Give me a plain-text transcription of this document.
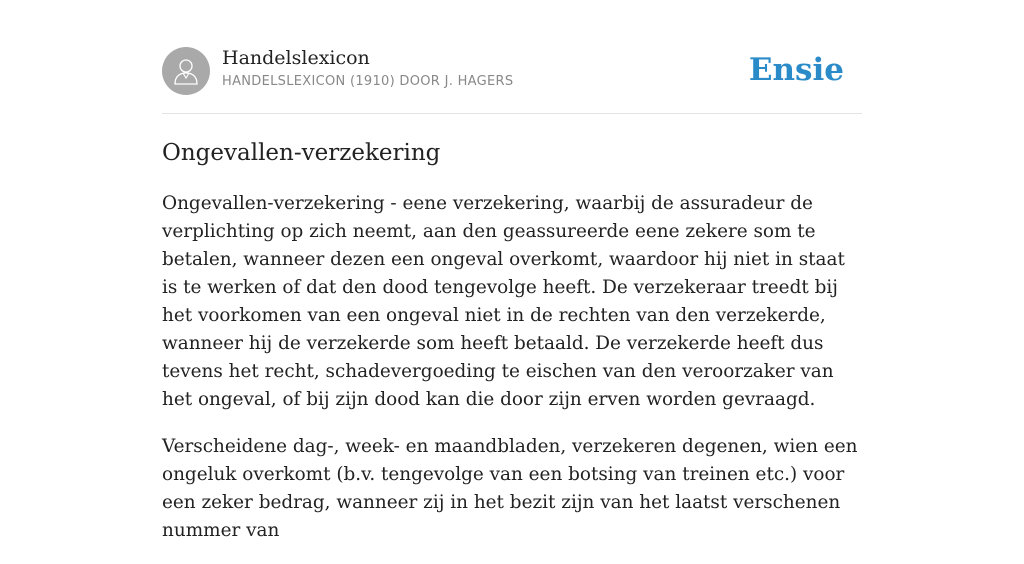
Handelslexicon
HANDELSLEXICON (1910) DOOR J. HAGERS	Ensie
Ongevallen-verzekering

Ongevallen-verzekering - eene verzekering, waarbij de assuradeur de verplichting op zich neemt, aan den geassureerde eene zekere som te betalen, wanneer dezen een ongeval overkomt, waardoor hij niet in staat is te werken of dat den dood tengevolge heeft. De verzekeraar treedt bij het voorkomen van een ongeval niet in de rechten van den verzekerde, wanneer hij de verzekerde som heeft betaald. De verzekerde heeft dus tevens het recht, schadevergoeding te eischen van den veroorzaker van het ongeval, of bij zijn dood kan die door zijn erven worden gevraagd.

Verscheidene dag-, week- en maandbladen, verzekeren degenen, wien een ongeluk overkomt (b.v. tengevolge van een botsing van treinen etc.) voor een zeker bedrag, wanneer zij in het bezit zijn van het laatst verschenen nummer van
